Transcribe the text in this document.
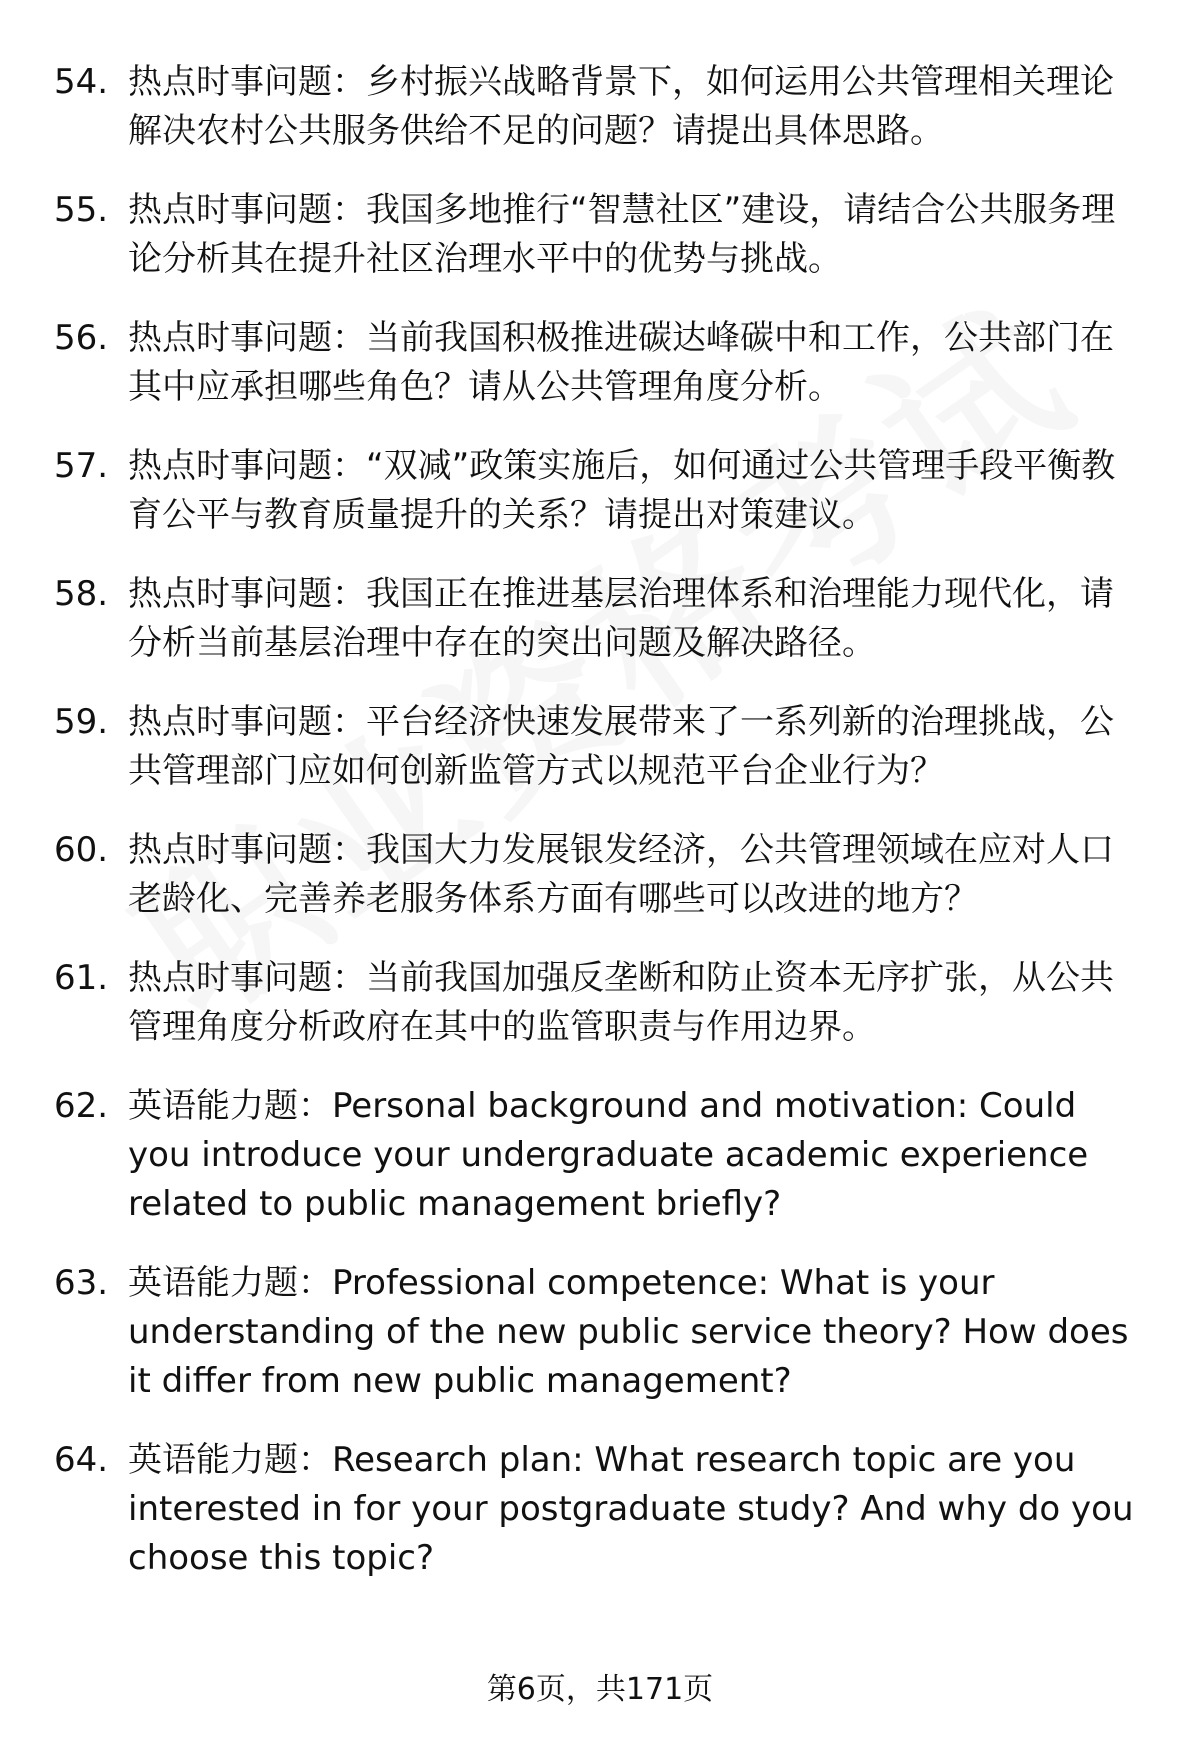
54. 热点时事问题：乡村振兴战略背景下，如何运用公共管理相关理论解决农村公共服务供给不足的问题？请提出具体思路。
55. 热点时事问题：我国多地推行“智慧社区”建设，请结合公共服务理论分析其在提升社区治理水平中的优势与挑战。
56. 热点时事问题：当前我国积极推进碳达峰碳中和工作，公共部门在其中应承担哪些角色？请从公共管理角度分析。
57. 热点时事问题：“双减”政策实施后，如何通过公共管理手段平衡教育公平与教育质量提升的关系？请提出对策建议。
58. 热点时事问题：我国正在推进基层治理体系和治理能力现代化，请分析当前基层治理中存在的突出问题及解决路径。
59. 热点时事问题：平台经济快速发展带来了一系列新的治理挑战，公共管理部门应如何创新监管方式以规范平台企业行为？
60. 热点时事问题：我国大力发展银发经济，公共管理领域在应对人口老龄化、完善养老服务体系方面有哪些可以改进的地方？
61. 热点时事问题：当前我国加强反垄断和防止资本无序扩张，从公共管理角度分析政府在其中的监管职责与作用边界。
62. 英语能力题：Personal background and motivation: Could you introduce your undergraduate academic experience related to public management briefly?
63. 英语能力题：Professional competence: What is your understanding of the new public service theory? How does it differ from new public management?
64. 英语能力题：Research plan: What research topic are you interested in for your postgraduate study? And why do you choose this topic?
第6页，共171页
